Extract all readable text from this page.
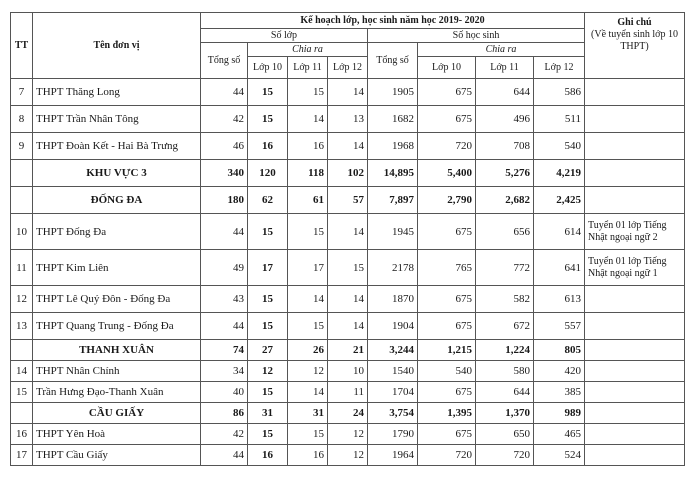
TT	Tên đơn vị	Kế hoạch lớp, học sinh năm học 2019- 2020								Ghi chú
(Về tuyển sinh lớp 10 THPT)

		Số lớp				Số học sinh				
		Tổng số	Chia ra			Tổng số	Chia ra			
			Lớp 10	Lớp 11	Lớp 12		Lớp 10	Lớp 11	Lớp 12	
7	THPT Thăng Long	44	15	15	14	1905	675	644	586	
8	THPT Trần Nhân Tông	42	15	14	13	1682	675	496	511	
9	THPT Đoàn Kết - Hai Bà Trưng	46	16	16	14	1968	720	708	540	
	KHU VỰC 3	340	120	118	102	14,895	5,400	5,276	4,219	
	ĐỐNG ĐA	180	62	61	57	7,897	2,790	2,682	2,425	
10	THPT Đống Đa	44	15	15	14	1945	675	656	614	Tuyển 01 lớp Tiếng Nhật ngoại ngữ 2
11	THPT Kim Liên	49	17	17	15	2178	765	772	641	Tuyển 01 lớp Tiếng Nhật ngoại ngữ 1
12	THPT Lê Quý Đôn - Đống Đa	43	15	14	14	1870	675	582	613	
13	THPT Quang Trung - Đống Đa	44	15	15	14	1904	675	672	557	
	THANH XUÂN	74	27	26	21	3,244	1,215	1,224	805	
14	THPT Nhân Chính	34	12	12	10	1540	540	580	420	
15	Trần Hưng Đạo-Thanh Xuân	40	15	14	11	1704	675	644	385	
	CẦU GIẤY	86	31	31	24	3,754	1,395	1,370	989	
16	THPT Yên Hoà	42	15	15	12	1790	675	650	465	
17	THPT Cầu Giấy	44	16	16	12	1964	720	720	524	
